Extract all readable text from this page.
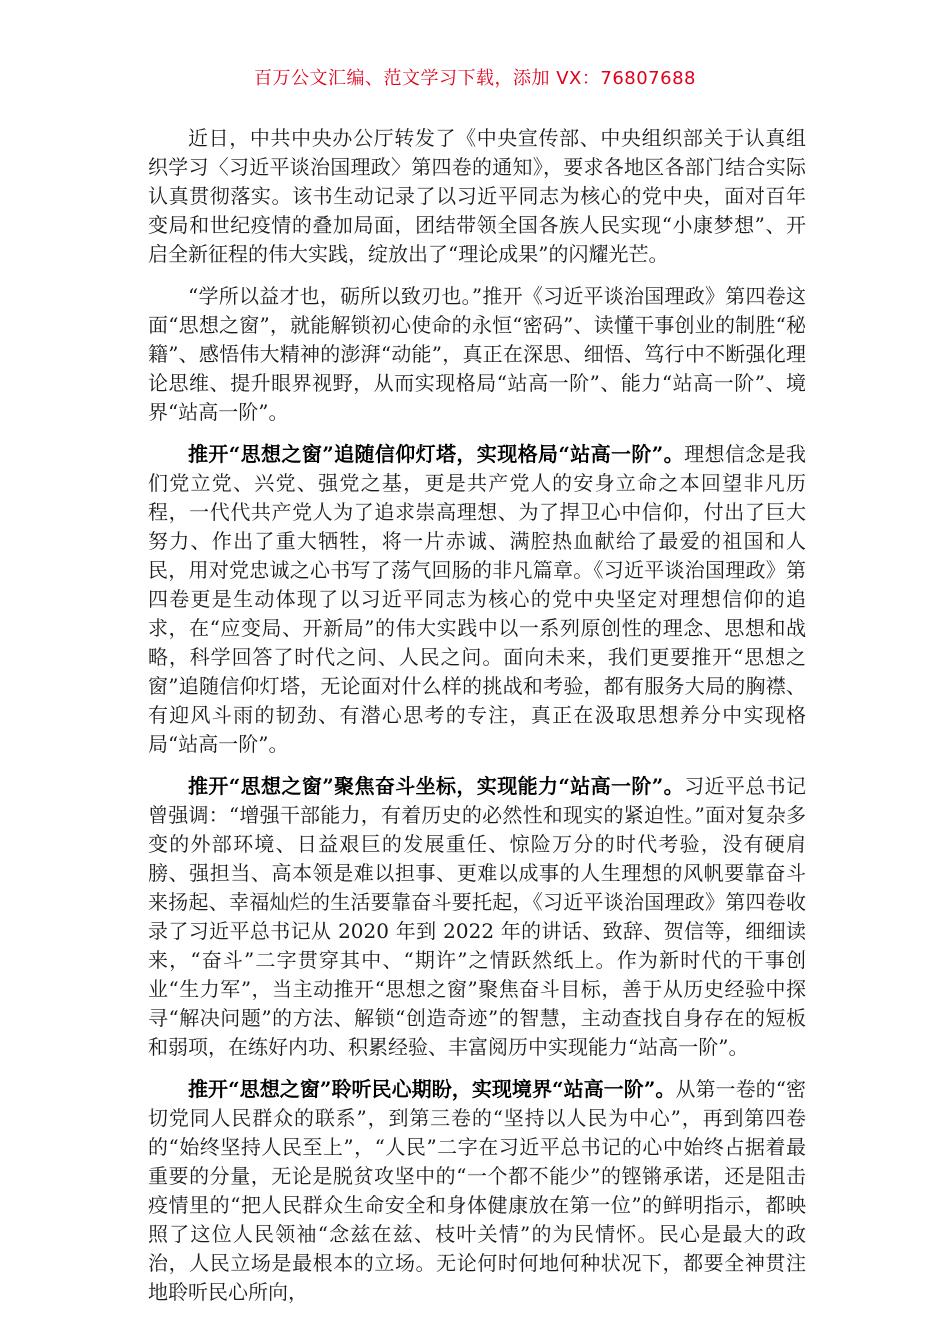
百万公文汇编、范文学习下载，添加 VX：76807688

近日，中共中央办公厅转发了《中央宣传部、中央组织部关于认真组织学习〈习近平谈治国理政〉第四卷的通知》，要求各地区各部门结合实际认真贯彻落实。该书生动记录了以习近平同志为核心的党中央，面对百年变局和世纪疫情的叠加局面，团结带领全国各族人民实现“小康梦想”、开启全新征程的伟大实践，绽放出了“理论成果”的闪耀光芒。

“学所以益才也，砺所以致刃也。”推开《习近平谈治国理政》第四卷这面“思想之窗”，就能解锁初心使命的永恒“密码”、读懂干事创业的制胜“秘籍”、感悟伟大精神的澎湃“动能”，真正在深思、细悟、笃行中不断强化理论思维、提升眼界视野，从而实现格局“站高一阶”、能力“站高一阶”、境界“站高一阶”。

推开“思想之窗”追随信仰灯塔，实现格局“站高一阶”。理想信念是我们党立党、兴党、强党之基，更是共产党人的安身立命之本回望非凡历程，一代代共产党人为了追求崇高理想、为了捍卫心中信仰，付出了巨大努力、作出了重大牺牲，将一片赤诚、满腔热血献给了最爱的祖国和人民，用对党忠诚之心书写了荡气回肠的非凡篇章。《习近平谈治国理政》第四卷更是生动体现了以习近平同志为核心的党中央坚定对理想信仰的追求，在“应变局、开新局”的伟大实践中以一系列原创性的理念、思想和战略，科学回答了时代之问、人民之问。面向未来，我们更要推开“思想之窗”追随信仰灯塔，无论面对什么样的挑战和考验，都有服务大局的胸襟、有迎风斗雨的韧劲、有潜心思考的专注，真正在汲取思想养分中实现格局“站高一阶”。

推开“思想之窗”聚焦奋斗坐标，实现能力“站高一阶”。习近平总书记曾强调：“增强干部能力，有着历史的必然性和现实的紧迫性。”面对复杂多变的外部环境、日益艰巨的发展重任、惊险万分的时代考验，没有硬肩膀、强担当、高本领是难以担事、更难以成事的人生理想的风帆要靠奋斗来扬起、幸福灿烂的生活要靠奋斗要托起，《习近平谈治国理政》第四卷收录了习近平总书记从 2020 年到 2022 年的讲话、致辞、贺信等，细细读来，“奋斗”二字贯穿其中、“期许”之情跃然纸上。作为新时代的干事创业“生力军”，当主动推开“思想之窗”聚焦奋斗目标，善于从历史经验中探寻“解决问题”的方法、解锁“创造奇迹”的智慧，主动查找自身存在的短板和弱项，在练好内功、积累经验、丰富阅历中实现能力“站高一阶”。

推开“思想之窗”聆听民心期盼，实现境界“站高一阶”。从第一卷的“密切党同人民群众的联系”，到第三卷的“坚持以人民为中心”，再到第四卷的“始终坚持人民至上”，“人民”二字在习近平总书记的心中始终占据着最重要的分量，无论是脱贫攻坚中的“一个都不能少”的铿锵承诺，还是阻击疫情里的“把人民群众生命安全和身体健康放在第一位”的鲜明指示，都映照了这位人民领袖“念兹在兹、枝叶关情”的为民情怀。民心是最大的政治，人民立场是最根本的立场。无论何时何地何种状况下，都要全神贯注地聆听民心所向，
